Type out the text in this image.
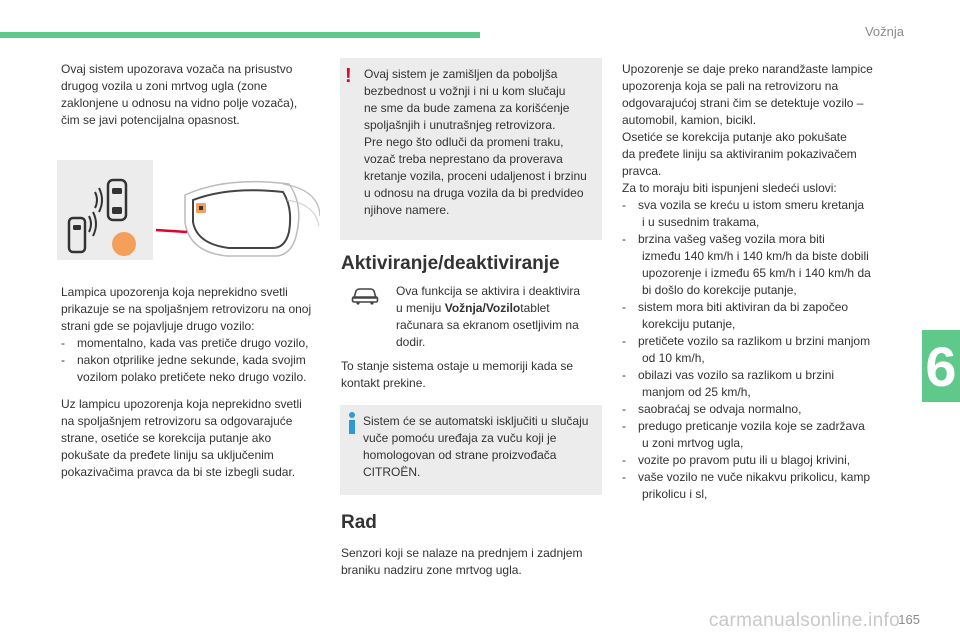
Vožnja
6
Ovaj sistem upozorava vozača na prisustvo
drugog vozila u zoni mrtvog ugla (zone
zaklonjene u odnosu na vidno polje vozača),
čim se javi potencijalna opasnost.
Lampica upozorenja koja neprekidno svetli
prikazuje se na spoljašnjem retrovizoru na onoj
strani gde se pojavljuje drugo vozilo:
-	momentalno, kada vas pretiče drugo vozilo,
-	nakon otprilike jedne sekunde, kada svojim
vozilom polako pretičete neko drugo vozilo.
Uz lampicu upozorenja koja neprekidno svetli
na spoljašnjem retrovizoru sa odgovarajuće
strane, osetiće se korekcija putanje ako
pokušate da pređete liniju sa uključenim
pokazivačima pravca da bi ste izbegli sudar.
! Ovaj sistem je zamišljen da poboljša
bezbednost u vožnji i ni u kom slučaju
ne sme da bude zamena za korišćenje
spoljašnjih i unutrašnjeg retrovizora.
Pre nego što odluči da promeni traku,
vozač treba neprestano da proverava
kretanje vozila, proceni udaljenost i brzinu
u odnosu na druga vozila da bi predvideo
njihove namere.
Aktiviranje/deaktiviranje
Ova funkcija se aktivira i deaktivira
u meniju Vožnja/Vozilotablet
računara sa ekranom osetljivim na
dodir.
To stanje sistema ostaje u memoriji kada se
kontakt prekine.
Sistem će se automatski isključiti u slučaju
vuče pomoću uređaja za vuču koji je
homologovan od strane proizvođača
CITROËN.
Rad
Senzori koji se nalaze na prednjem i zadnjem
braniku nadziru zone mrtvog ugla.
Upozorenje se daje preko narandžaste lampice
upozorenja koja se pali na retrovizoru na
odgovarajućoj strani čim se detektuje vozilo –
automobil, kamion, bicikl.
Osetiće se korekcija putanje ako pokušate
da pređete liniju sa aktiviranim pokazivačem
pravca.
Za to moraju biti ispunjeni sledeći uslovi:
-	sva vozila se kreću u istom smeru kretanja
i u susednim trakama,
-	brzina vašeg vašeg vozila mora biti
između 140 km/h i 140 km/h da biste dobili
upozorenje i između 65 km/h i 140 km/h da
bi došlo do korekcije putanje,
-	sistem mora biti aktiviran da bi započeo
korekciju putanje,
-	pretičete vozilo sa razlikom u brzini manjom
od 10 km/h,
-	obilazi vas vozilo sa razlikom u brzini
manjom od 25 km/h,
-	saobraćaj se odvaja normalno,
-	predugo preticanje vozila koje se zadržava
u zoni mrtvog ugla,
-	vozite po pravom putu ili u blagoj krivini,
-	vaše vozilo ne vuče nikakvu prikolicu, kamp
prikolicu i sl,
carmanualsonline.info
165
